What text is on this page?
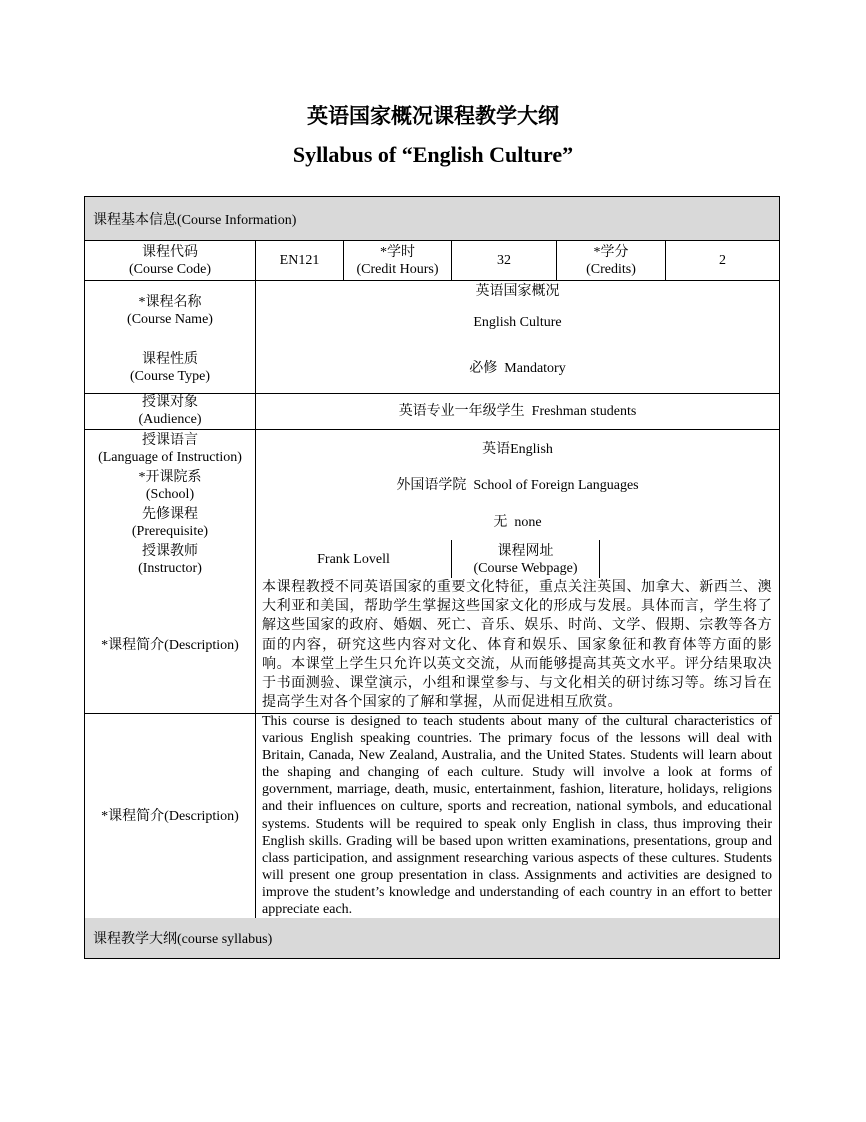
英语国家概况课程教学大纲
Syllabus of “English Culture”
课程基本信息(Course Information)
课程教学大纲(course syllabus)
课程代码
(Course Code)
EN121
*学时
(Credit Hours)
32
*学分
(Credits)
2
*课程名称
(Course Name)
英语国家概况
English Culture
课程性质
(Course Type)
必修  Mandatory
授课对象
(Audience)
英语专业一年级学生  Freshman students
授课语言
(Language of Instruction)
英语English
*开课院系
(School)
外国语学院  School of Foreign Languages
先修课程
(Prerequisite)
无  none
授课教师
(Instructor)
Frank Lovell
课程网址
(Course Webpage)
*课程简介(Description)
本课程教授不同英语国家的重要文化特征，重点关注英国、加拿大、新西兰、澳大利亚和美国，帮助学生掌握这些国家文化的形成与发展。具体而言，学生将了解这些国家的政府、婚姻、死亡、音乐、娱乐、时尚、文学、假期、宗教等各方面的内容，研究这些内容对文化、体育和娱乐、国家象征和教育体等方面的影响。本课堂上学生只允许以英文交流，从而能够提高其英文水平。评分结果取决于书面测验、课堂演示，小组和课堂参与、与文化相关的研讨练习等。练习旨在提高学生对各个国家的了解和掌握，从而促进相互欣赏。
*课程简介(Description)
This course is designed to teach students about many of the cultural characteristics of various English speaking countries. The primary focus of the lessons will deal with Britain, Canada, New Zealand, Australia, and the United States. Students will learn about the shaping and changing of each culture. Study will involve a look at forms of government, marriage, death, music, entertainment, fashion, literature, holidays, religions and their influences on culture, sports and recreation, national symbols, and educational systems. Students will be required to speak only English in class, thus improving their English skills. Grading will be based upon written examinations, presentations, group and class participation, and assignment researching various aspects of these cultures. Students will present one group presentation in class. Assignments and activities are designed to improve the student’s knowledge and understanding of each country in an effort to better appreciate each.
